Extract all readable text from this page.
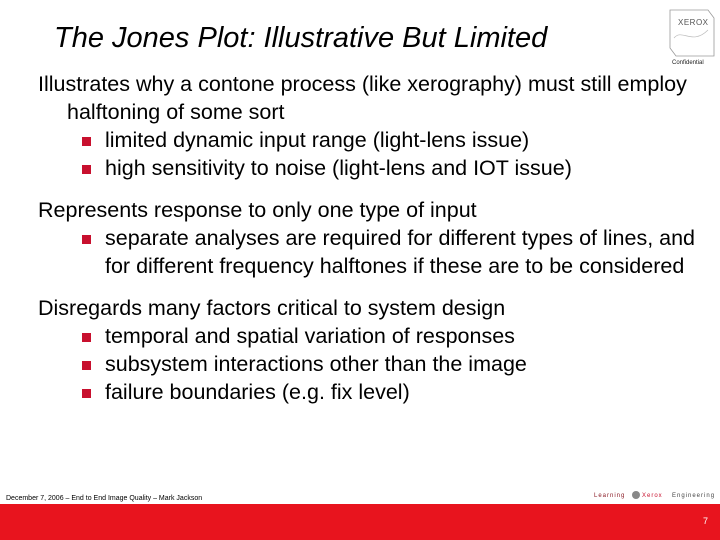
The Jones Plot: Illustrative But Limited	XEROX
Confidential

Illustrates why a contone process (like xerography) must still employ halftoning of some sort

limited dynamic input range (light-lens issue)
high sensitivity to noise (light-lens and IOT issue)

Represents response to only one type of input

separate analyses are required for different types of lines, and for different frequency halftones if these are to be considered

Disregards many factors critical to system design

temporal and spatial variation of responses
subsystem interactions other than the image
failure boundaries (e.g. fix level)
December 7, 2006 – End to End Image Quality – Mark Jackson	Learning	Xerox Engineering
7
